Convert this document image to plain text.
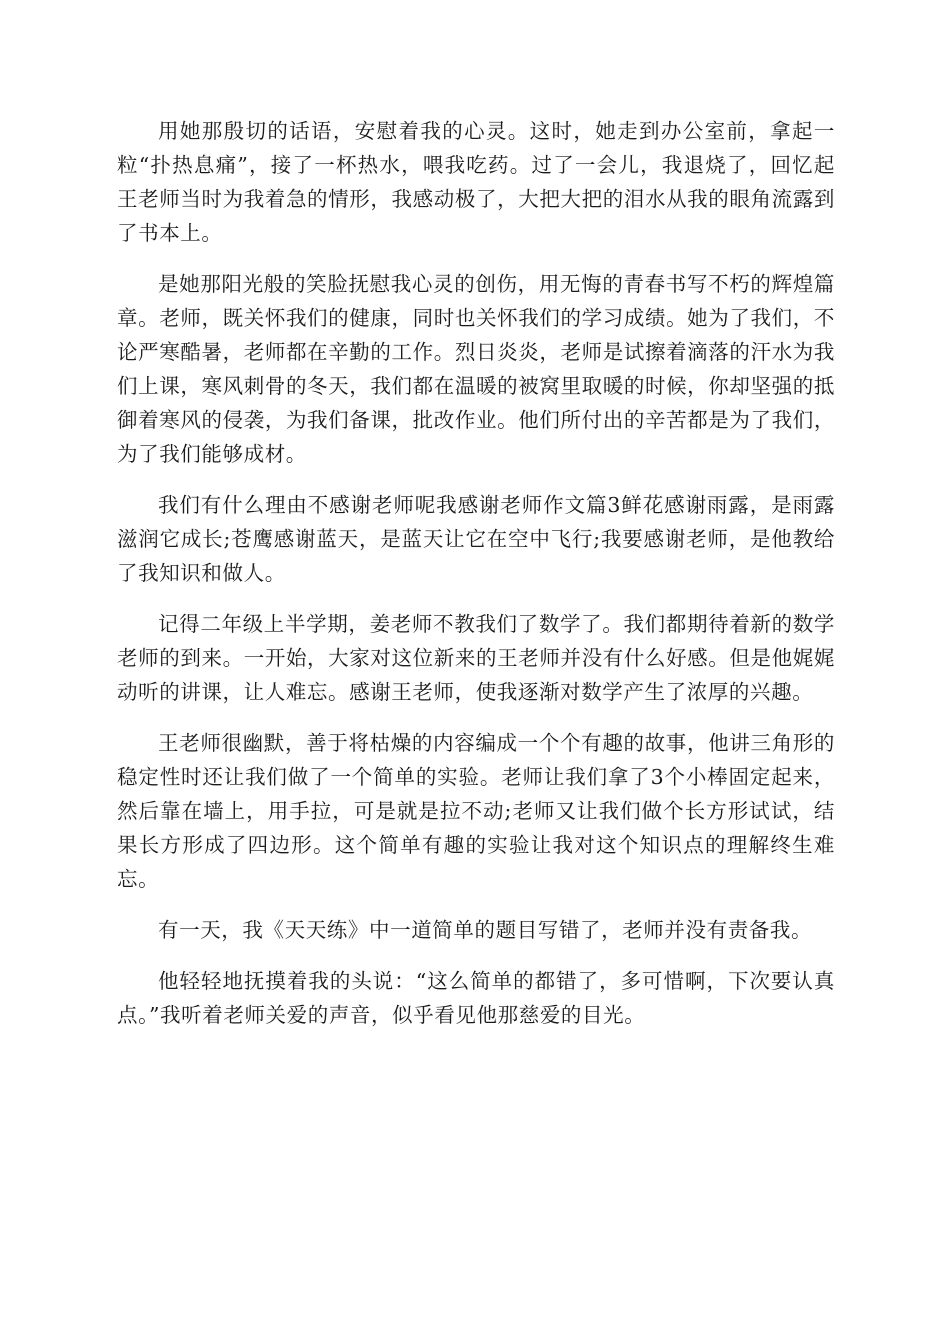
用她那殷切的话语，安慰着我的心灵。这时，她走到办公室前，拿起一粒“扑热息痛”，接了一杯热水，喂我吃药。过了一会儿，我退烧了，回忆起王老师当时为我着急的情形，我感动极了，大把大把的泪水从我的眼角流露到了书本上。

是她那阳光般的笑脸抚慰我心灵的创伤，用无悔的青春书写不朽的辉煌篇章。老师，既关怀我们的健康，同时也关怀我们的学习成绩。她为了我们，不论严寒酷暑，老师都在辛勤的工作。烈日炎炎，老师是试擦着滴落的汗水为我们上课，寒风刺骨的冬天，我们都在温暖的被窝里取暖的时候，你却坚强的抵御着寒风的侵袭，为我们备课，批改作业。他们所付出的辛苦都是为了我们，为了我们能够成材。

我们有什么理由不感谢老师呢我感谢老师作文篇3鲜花感谢雨露，是雨露滋润它成长;苍鹰感谢蓝天，是蓝天让它在空中飞行;我要感谢老师，是他教给了我知识和做人。

记得二年级上半学期，姜老师不教我们了数学了。我们都期待着新的数学老师的到来。一开始，大家对这位新来的王老师并没有什么好感。但是他娓娓动听的讲课，让人难忘。感谢王老师，使我逐渐对数学产生了浓厚的兴趣。

王老师很幽默，善于将枯燥的内容编成一个个有趣的故事，他讲三角形的稳定性时还让我们做了一个简单的实验。老师让我们拿了3个小棒固定起来，然后靠在墙上，用手拉，可是就是拉不动;老师又让我们做个长方形试试，结果长方形成了四边形。这个简单有趣的实验让我对这个知识点的理解终生难忘。

有一天，我《天天练》中一道简单的题目写错了，老师并没有责备我。

他轻轻地抚摸着我的头说：“这么简单的都错了，多可惜啊，下次要认真点。”我听着老师关爱的声音，似乎看见他那慈爱的目光。
